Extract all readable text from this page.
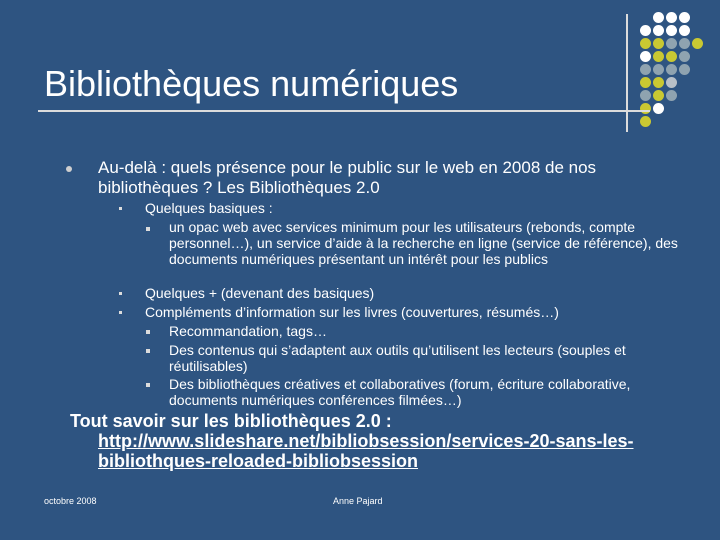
Bibliothèques numériques
Au-delà : quels présence pour le public sur le web en 2008 de nos bibliothèques ? Les Bibliothèques 2.0
Quelques basiques :
un opac web avec services minimum pour les utilisateurs (rebonds, compte personnel…), un service d’aide à la recherche en ligne (service de référence), des documents numériques présentant un intérêt pour les publics
Quelques + (devenant des basiques)
Compléments d’information sur les livres (couvertures, résumés…)
Recommandation, tags…
Des contenus qui s’adaptent aux outils qu’utilisent les lecteurs (souples et réutilisables)
Des bibliothèques créatives et collaboratives (forum, écriture collaborative, documents numériques conférences filmées…)
Tout savoir sur les bibliothèques 2.0 :
http://www.slideshare.net/bibliobsession/services-20-sans-les-bibliothques-reloaded-bibliobsession
octobre 2008	Anne Pajard
